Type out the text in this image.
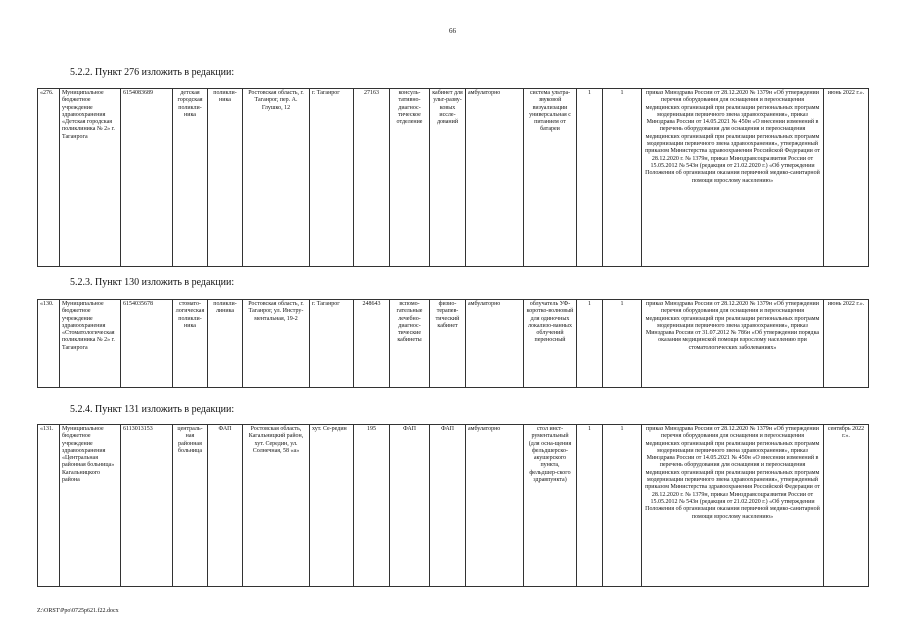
66
5.2.2. Пункт 276 изложить в редакции:
«276.	Муниципальное бюджетное учреждение здравоохранения «Детская городская поликлиника № 2» г. Таганрога	6154083689	детская городская поликли-ника	поликли-ника	Ростовская область, г. Таганрог, пер. А. Глушко, 12	г. Таганрог	27163	консуль-тативно-диагнос-тическое отделение	кабинет для ульт-разву-ковых иссле-дований	амбулаторно	система ультра-звуковой визуализации универсальная с питанием от батареи	1	1	приказ Минздрава России от 28.12.2020 № 1379н «Об утверждении перечня оборудования для оснащения и переоснащения медицинских организаций при реализации региональных программ модернизации первичного звена здравоохранения», приказ Минздрава России от 14.05.2021 № 450н «О внесении изменений в перечень оборудования для оснащения и переоснащения медицинских организаций при реализации региональных программ модернизации первичного звена здравоохранения», утвержденный приказом Министерства здравоохранения Российской Федерации от 28.12.2020 г. № 1379н, приказ Минздравсоцразвития России от 15.05.2012 № 543н (редакция от 21.02.2020 г.) «Об утверждении Положения об организации оказания первичной медико-санитарной помощи взрослому населению»	июнь 2022 г.».
5.2.3. Пункт 130 изложить в редакции:
«130.	Муниципальное бюджетное учреждение здравоохранения «Стоматологическая поликлиника № 2» г. Таганрога	6154035678	стомато-логическая поликли-ника	поликли-линика	Ростовская область, г. Таганрог, ул. Инстру-ментальная, 19-2	г. Таганрог	248643	вспомо-гательные лечебно-диагнос-тические кабинеты	физио-терапев-тический кабинет	амбулаторно	облучатель УФ-коротко-волновый для одиночных локализо-ванных облучений переносный	1	1	приказ Минздрава России от 28.12.2020 № 1379н «Об утверждении перечня оборудования для оснащения и переоснащения медицинских организаций при реализации региональных программ модернизации первичного звена здравоохранения», приказ Минздрава России от 31.07.2012 № 786н «Об утверждении порядка оказания медицинской помощи взрослому населению при стоматологических заболеваниях»	июнь 2022 г.».
5.2.4. Пункт 131 изложить в редакции:
«131.	Муниципальное бюджетное учреждение здравоохранения «Центральная районная больница» Кагальницкого района	6113013153	централь-ная районная больница	ФАП	Ростовская область, Кагальницкий район, хут. Середин, ул. Солнечная, 58 «а»	хут. Се-редин	195	ФАП	ФАП	амбулаторно	стол инст-рументальный (для осна-щения фельдшерско-акушерского пункта, фельдшер-ского здравпункта)	1	1	приказ Минздрава России от 28.12.2020 № 1379н «Об утверждении перечня оборудования для оснащения и переоснащения медицинских организаций при реализации региональных программ модернизации первичного звена здравоохранения», приказ Минздрава России от 14.05.2021 № 450н «О внесении изменений в перечень оборудования для оснащения и переоснащения медицинских организаций при реализации региональных программ модернизации первичного звена здравоохранения», утвержденный приказом Министерства здравоохранения Российской Федерации от 28.12.2020 г. № 1379н, приказ Минздравсоцразвития России от 15.05.2012 № 543н (редакция от 21.02.2020 г.) «Об утверждении Положения об организации оказания первичной медико-санитарной помощи взрослому населению»	сентябрь 2022 г.».
Z:\ORST\Ppo\0725p621.f22.docx
